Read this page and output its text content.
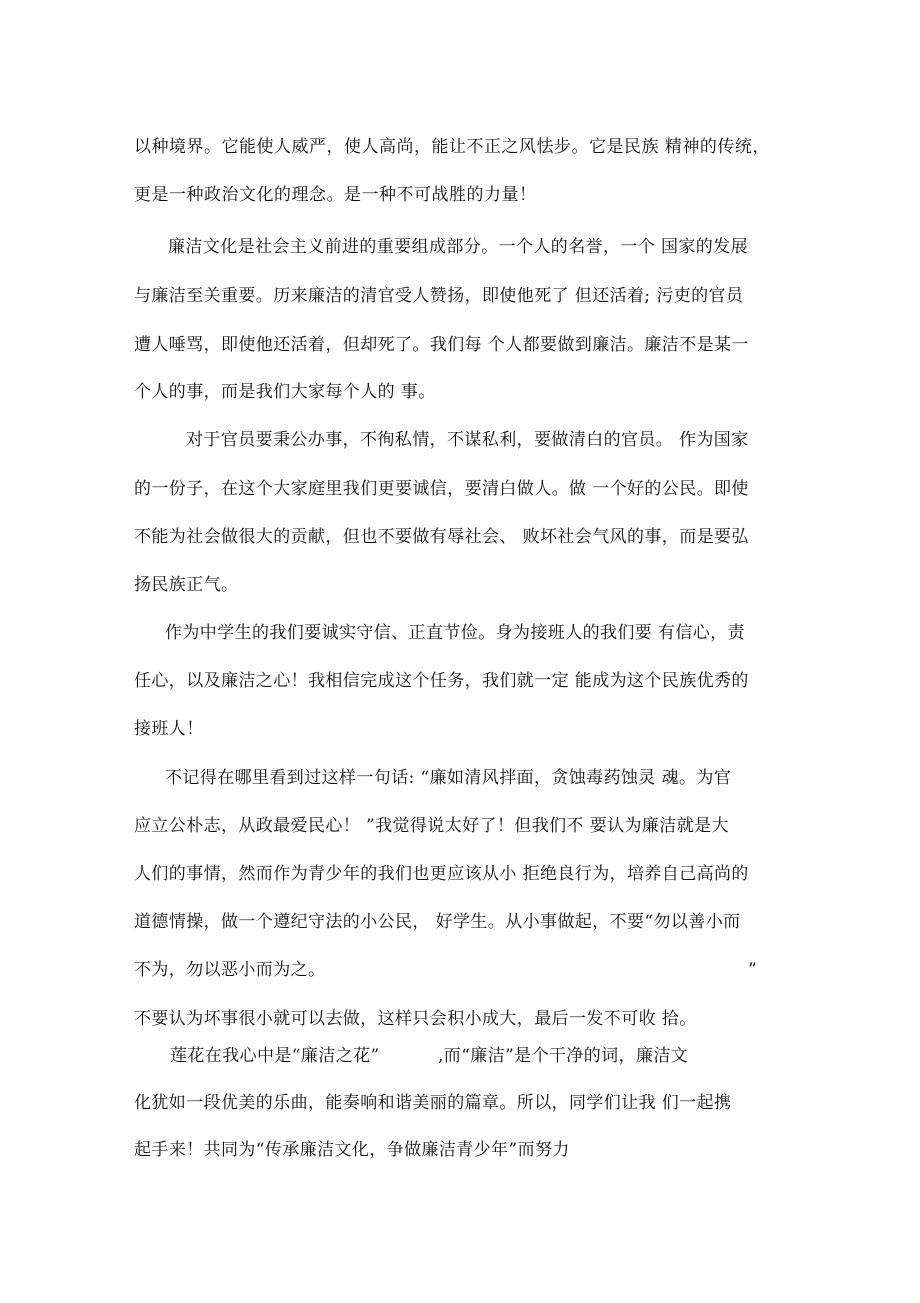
以种境界。它能使人威严，使人高尚，能让不正之风怯步。它是民族 精神的传统，
更是一种政治文化的理念。是一种不可战胜的力量！
廉洁文化是社会主义前进的重要组成部分。一个人的名誉，一个 国家的发展
与廉洁至关重要。历来廉洁的清官受人赞扬，即使他死了 但还活着; 污吏的官员
遭人唾骂，即使他还活着，但却死了。我们每 个人都要做到廉洁。廉洁不是某一
个人的事，而是我们大家每个人的 事。
对于官员要秉公办事，不徇私情，不谋私利，要做清白的官员。 作为国家
的一份子，在这个大家庭里我们更要诚信，要清白做人。做 一个好的公民。即使
不能为社会做很大的贡献，但也不要做有辱社会、 败坏社会气风的事，而是要弘
扬民族正气。
作为中学生的我们要诚实守信、正直节俭。身为接班人的我们要 有信心，责
任心，以及廉洁之心！我相信完成这个任务，我们就一定 能成为这个民族优秀的
接班人！
不记得在哪里看到过这样一句话: “廉如清风拌面，贪蚀毒药蚀灵 魂。为官
应立公朴志，从政最爱民心！ ”我觉得说太好了！但我们不 要认为廉洁就是大
人们的事情，然而作为青少年的我们也更应该从小 拒绝良行为，培养自己高尚的
道德情操，做一个遵纪守法的小公民， 好学生。从小事做起，不要“勿以善小而
不为，勿以恶小而为之。	”
不要认为坏事很小就可以去做，这样只会积小成大，最后一发不可收 拾。
莲花在我心中是“廉洁之花”	,而“廉洁”是个干净的词，廉洁文
化犹如一段优美的乐曲，能奏响和谐美丽的篇章。所以，同学们让我 们一起携
起手来！共同为“传承廉洁文化，争做廉洁青少年”而努力
